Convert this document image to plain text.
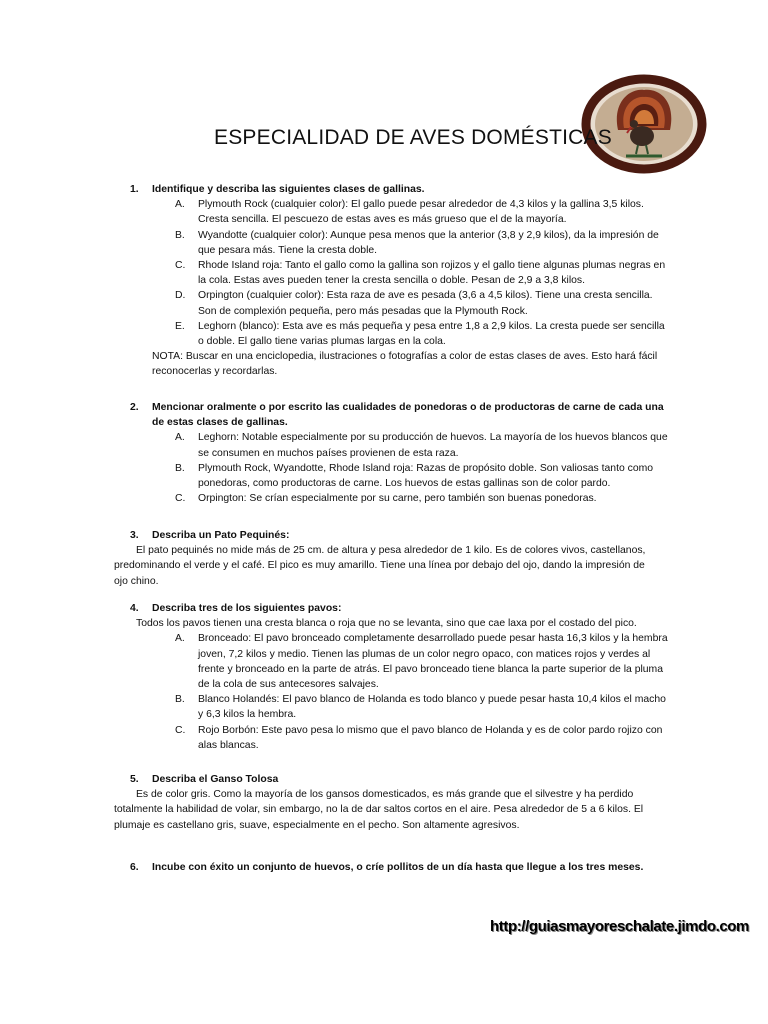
ESPECIALIDAD DE AVES DOMÉSTICAS
1.	Identifique y describa las siguientes clases de gallinas.
A.	Plymouth Rock (cualquier color): El gallo puede pesar alrededor de 4,3 kilos y la gallina 3,5 kilos. Cresta sencilla. El pescuezo de estas aves es más grueso que el de la mayoría.
B.	Wyandotte (cualquier color): Aunque pesa menos que la anterior (3,8 y 2,9 kilos), da la impresión de que pesara más. Tiene la cresta doble.
C.	Rhode Island roja: Tanto el gallo como la gallina son rojizos y el gallo tiene algunas plumas negras en la cola. Estas aves pueden tener la cresta sencilla o doble. Pesan de 2,9 a 3,8 kilos.
D.	Orpington (cualquier color): Esta raza de ave es pesada (3,6 a 4,5 kilos). Tiene una cresta sencilla. Son de complexión pequeña, pero más pesadas que la Plymouth Rock.
E.	Leghorn (blanco): Esta ave es más pequeña y pesa entre 1,8 a 2,9 kilos. La cresta puede ser sencilla o doble. El gallo tiene varias plumas largas en la cola.
NOTA: Buscar en una enciclopedia, ilustraciones o fotografías a color de estas clases de aves. Esto hará fácil reconocerlas y recordarlas.
2.	Mencionar oralmente o por escrito las cualidades de ponedoras o de productoras de carne de cada una de estas clases de gallinas.
A.	Leghorn: Notable especialmente por su producción de huevos. La mayoría de los huevos blancos que se consumen en muchos países provienen de esta raza.
B.	Plymouth Rock, Wyandotte, Rhode Island roja: Razas de propósito doble. Son valiosas tanto como ponedoras, como productoras de carne. Los huevos de estas gallinas son de color pardo.
C.	Orpington: Se crían especialmente por su carne, pero también son buenas ponedoras.
3.	Describa un Pato Pequinés:
El pato pequinés no mide más de 25 cm. de altura y pesa alrededor de 1 kilo. Es de colores vivos, castellanos, predominando el verde y el café. El pico es muy amarillo. Tiene una línea por debajo del ojo, dando la impresión de ojo chino.
4.	Describa tres de los siguientes pavos:
Todos los pavos tienen una cresta blanca o roja que no se levanta, sino que cae laxa por el costado del pico.
A.	Bronceado: El pavo bronceado completamente desarrollado puede pesar hasta 16,3 kilos y la hembra joven, 7,2 kilos y medio. Tienen las plumas de un color negro opaco, con matices rojos y verdes al frente y bronceado en la parte de atrás. El pavo bronceado tiene blanca la parte superior de la pluma de la cola de sus antecesores salvajes.
B.	Blanco Holandés: El pavo blanco de Holanda es todo blanco y puede pesar hasta 10,4 kilos el macho y 6,3 kilos la hembra.
C.	Rojo Borbón: Este pavo pesa lo mismo que el pavo blanco de Holanda y es de color pardo rojizo con alas blancas.
5.	Describa el Ganso Tolosa
Es de color gris. Como la mayoría de los gansos domesticados, es más grande que el silvestre y ha perdido totalmente la habilidad de volar, sin embargo, no la de dar saltos cortos en el aire. Pesa alrededor de 5 a 6 kilos. El plumaje es castellano gris, suave, especialmente en el pecho. Son altamente agresivos.
6.	Incube con éxito un conjunto de huevos, o críe pollitos de un día hasta que llegue a los tres meses.
http://guiasmayoreschalate.jimdo.com
